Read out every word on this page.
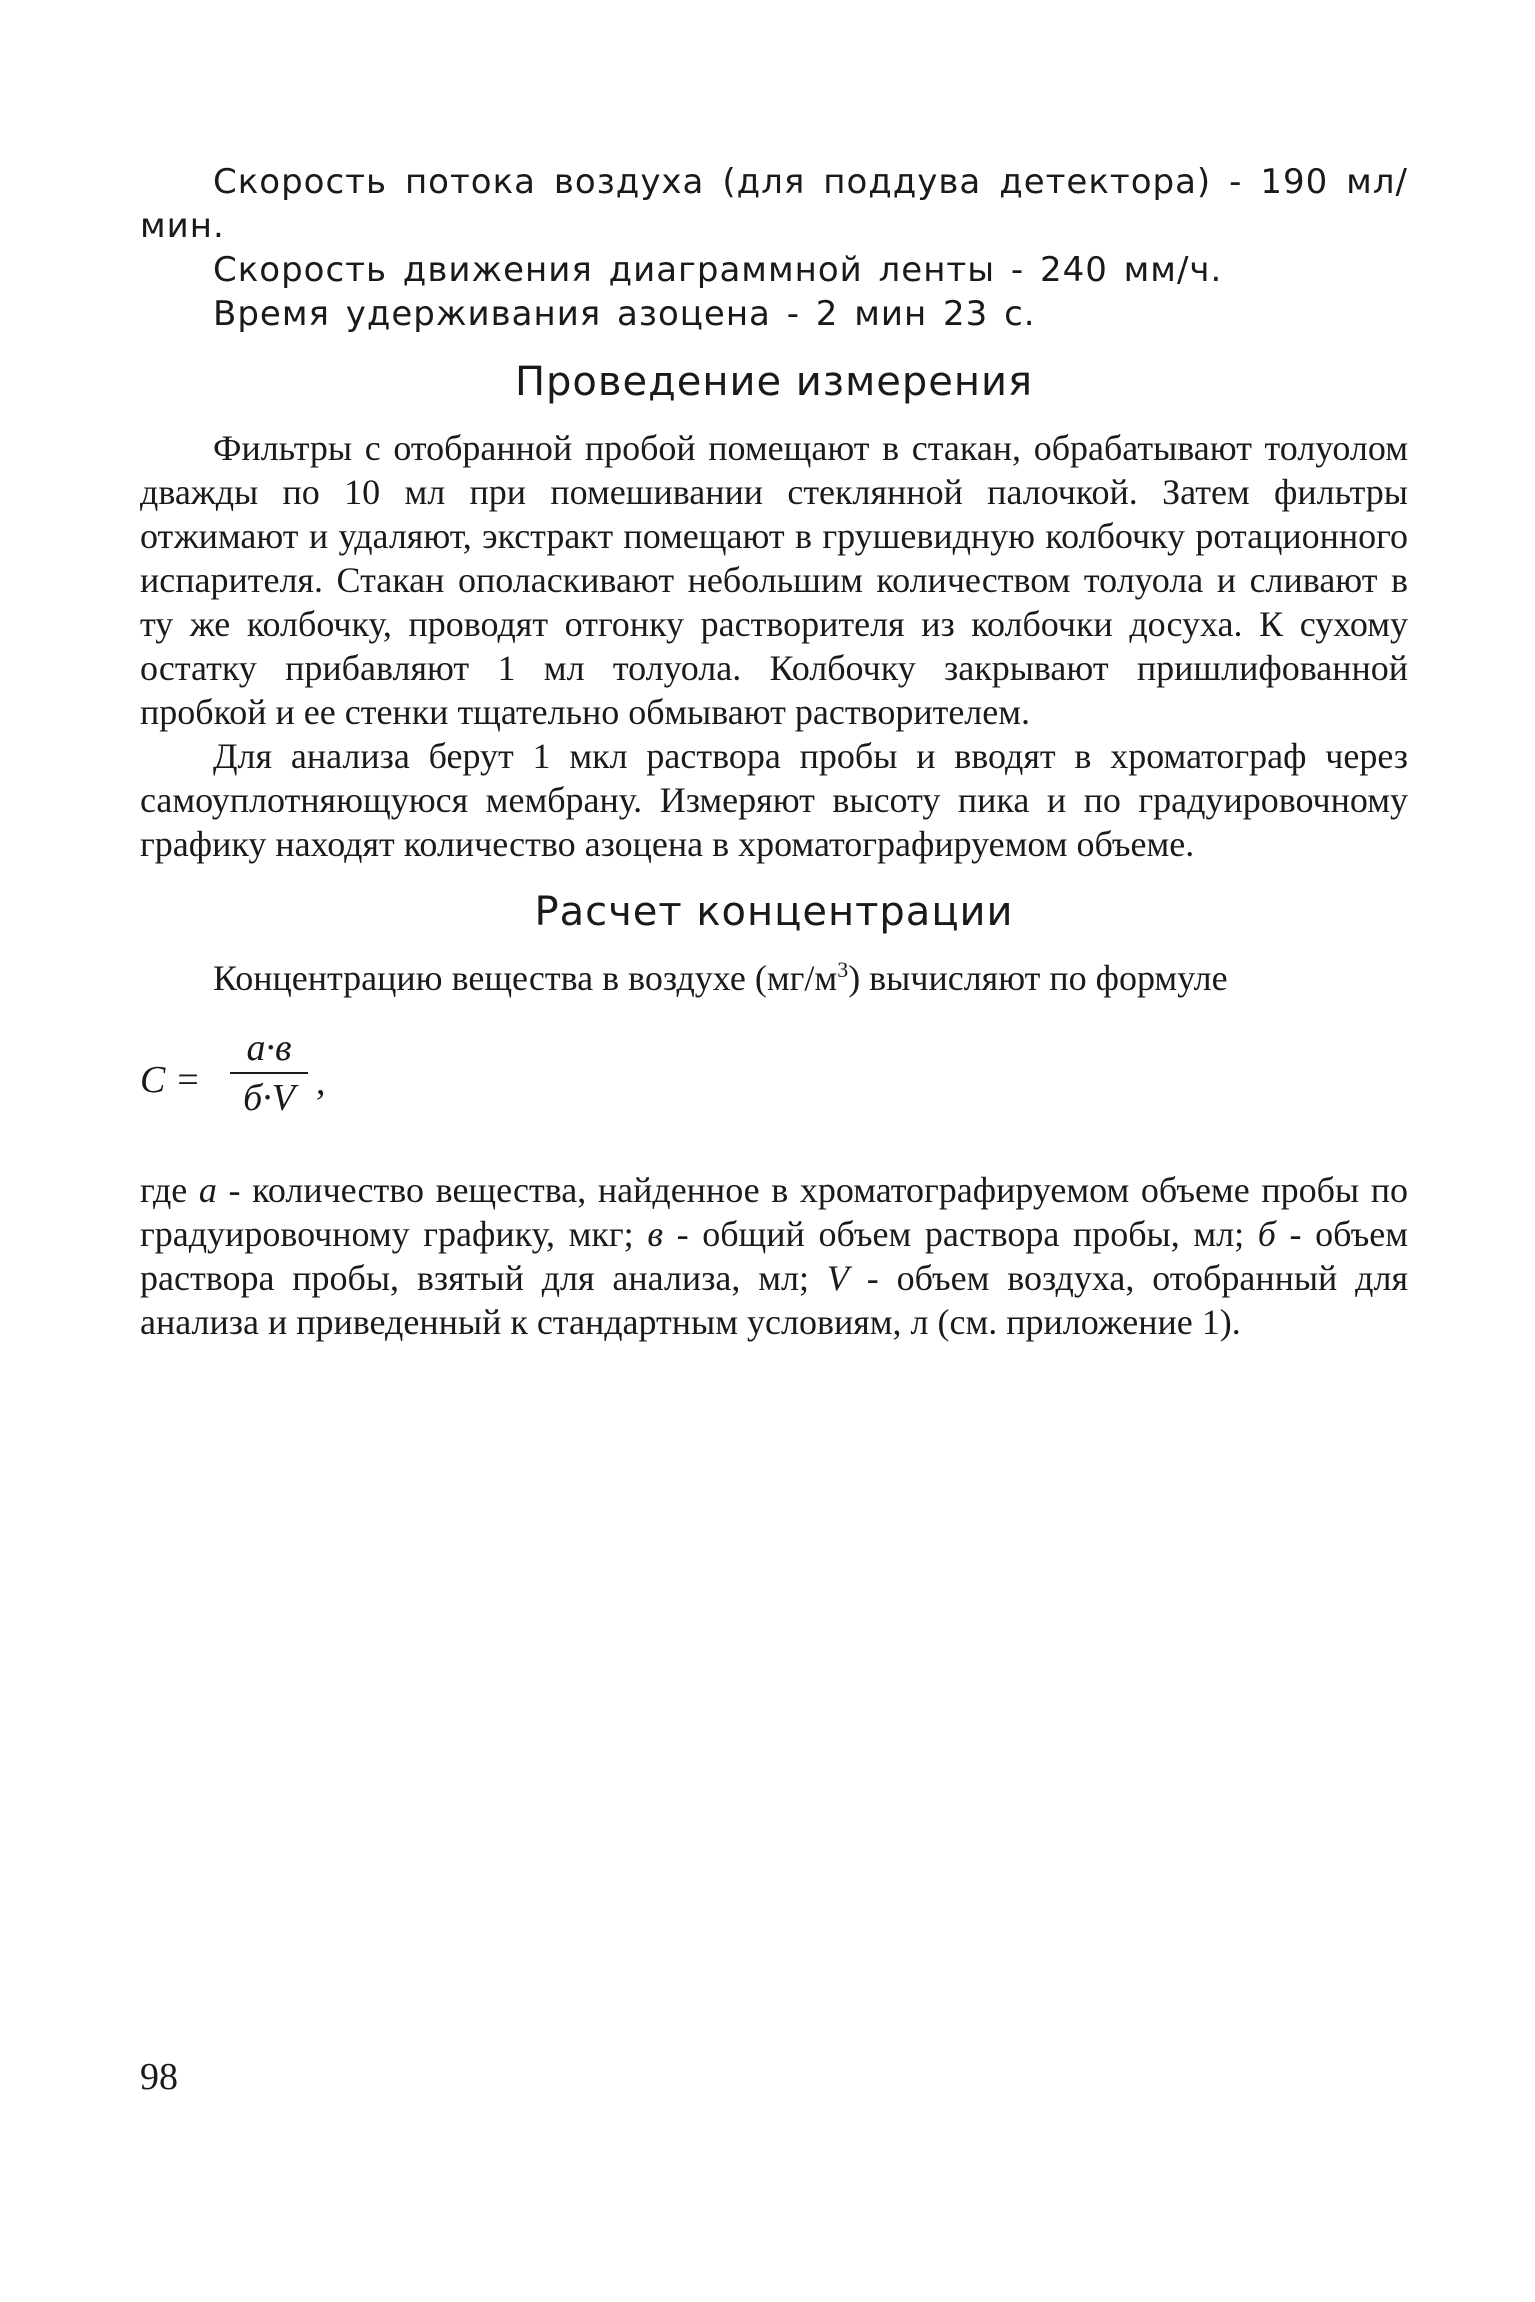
Скорость потока воздуха (для поддува детектора) - 190 мл/мин.

Скорость движения диаграммной ленты - 240 мм/ч.

Время удерживания азоцена - 2 мин 23 с.

Проведение измерения

Фильтры с отобранной пробой помещают в стакан, обрабатывают толуолом дважды по 10 мл при помешивании стеклянной палочкой. Затем фильтры отжимают и удаляют, экстракт помещают в грушевидную колбочку ротационного испарителя. Стакан ополаскивают небольшим количеством толуола и сливают в ту же колбочку, проводят отгонку растворителя из колбочки досуха. К сухому остатку прибавляют 1 мл толуола. Колбочку закрывают пришлифованной пробкой и ее стенки тщательно обмывают растворителем.

Для анализа берут 1 мкл раствора пробы и вводят в хроматограф через самоуплотняющуюся мембрану. Измеряют высоту пика и по градуировочному графику находят количество азоцена в хроматографируемом объеме.

Расчет концентрации

Концентрацию вещества в воздухе $(мг/м^3)$ вычисляют по формуле

C =
a·в
б·V ,

где a - количество вещества, найденное в хроматографируемом объеме пробы по градуировочному графику, мкг; в - общий объем раствора пробы, мл; б - объем раствора пробы, взятый для анализа, мл; V - объем воздуха, отобранный для анализа и приведенный к стандартным условиям, л (см. приложение 1).

98
